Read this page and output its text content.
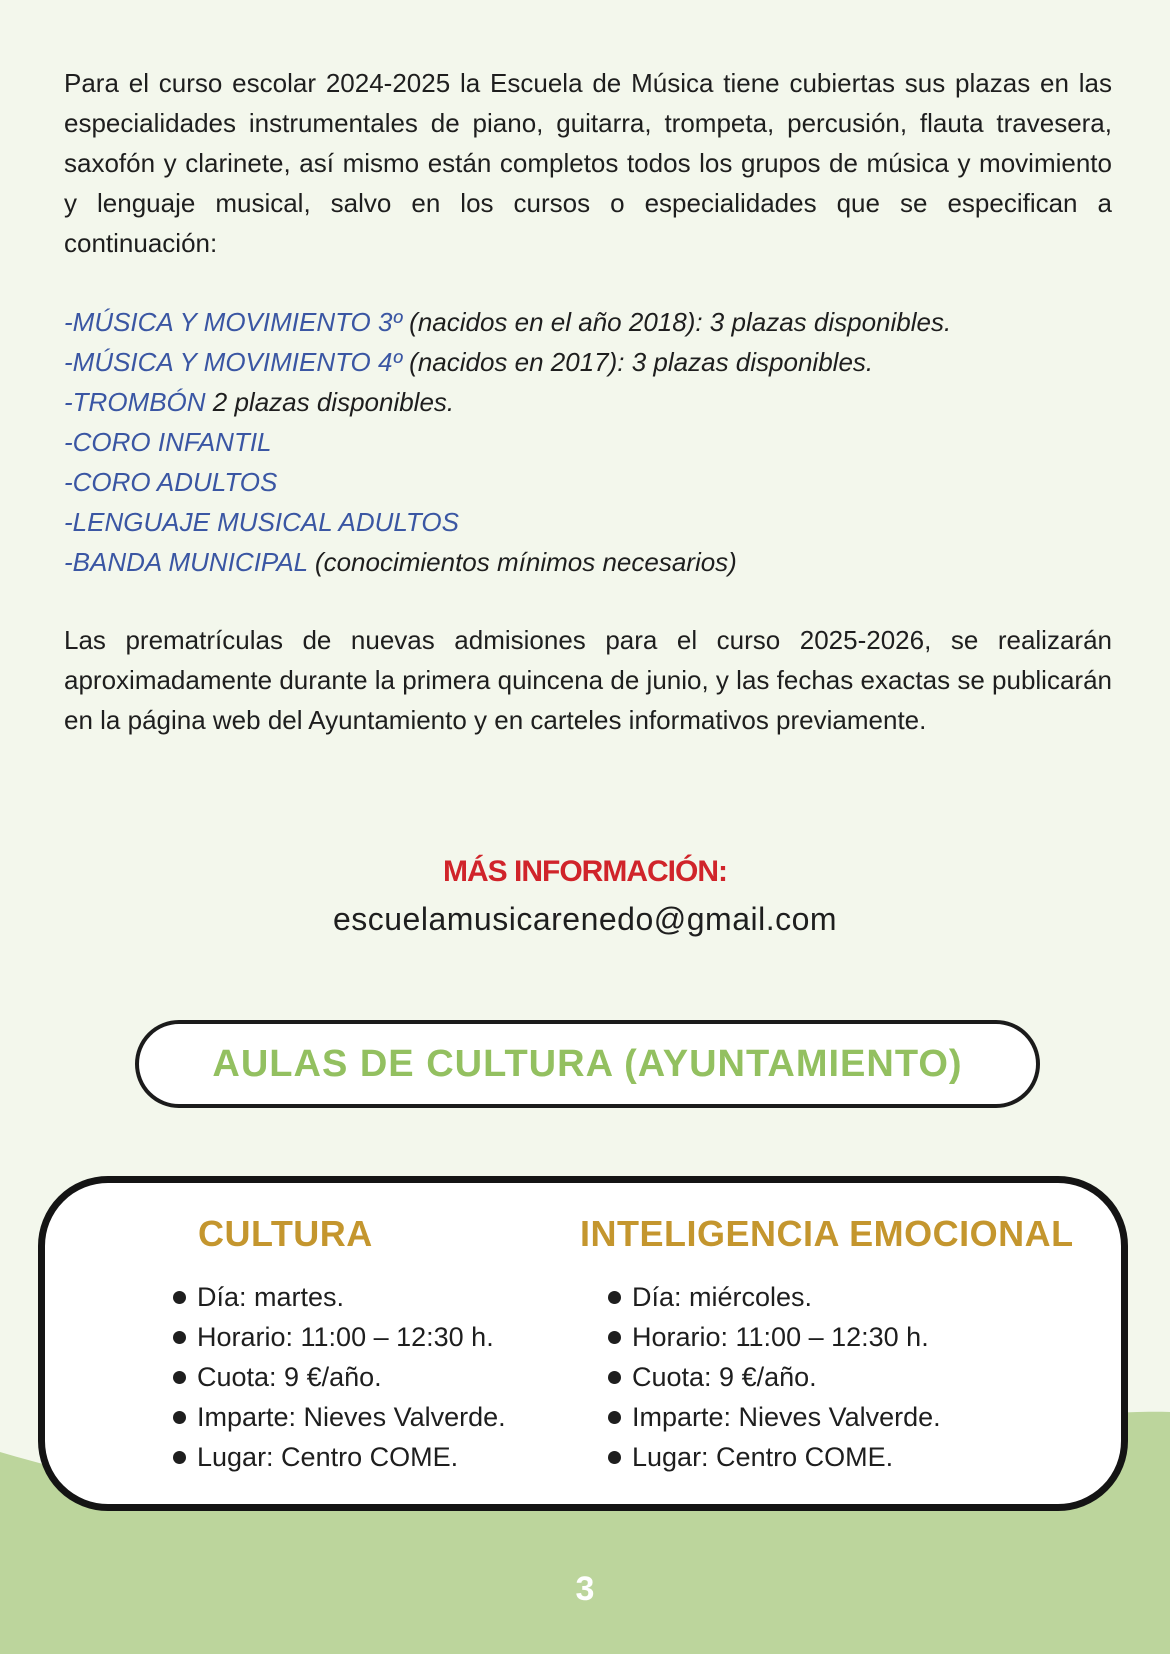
Para el curso escolar 2024-2025 la Escuela de Música tiene cubiertas sus plazas en las especialidades instrumentales de piano, guitarra, trompeta, percusión, flauta travesera, saxofón y clarinete, así mismo están completos todos los grupos de música y movimiento y lenguaje musical, salvo en los cursos o especialidades que se especifican a continuación:

-MÚSICA Y MOVIMIENTO 3º (nacidos en el año 2018): 3 plazas disponibles.
-MÚSICA Y MOVIMIENTO 4º (nacidos en 2017): 3 plazas disponibles.
-TROMBÓN 2 plazas disponibles.
-CORO INFANTIL
-CORO ADULTOS
-LENGUAJE MUSICAL ADULTOS
-BANDA MUNICIPAL (conocimientos mínimos necesarios)

Las prematrículas de nuevas admisiones para el curso 2025-2026, se realizarán aproximadamente durante la primera quincena de junio, y las fechas exactas se publicarán en la página web del Ayuntamiento y en carteles informativos previamente.

MÁS INFORMACIÓN:

escuelamusicarenedo@gmail.com

AULAS DE CULTURA (AYUNTAMIENTO)
CULTURA
Día: martes.
Horario: 11:00 – 12:30 h.
Cuota: 9 €/año.
Imparte: Nieves Valverde.
Lugar: Centro COME.
INTELIGENCIA EMOCIONAL
Día: miércoles.
Horario: 11:00 – 12:30 h.
Cuota: 9 €/año.
Imparte: Nieves Valverde.
Lugar: Centro COME.

3
